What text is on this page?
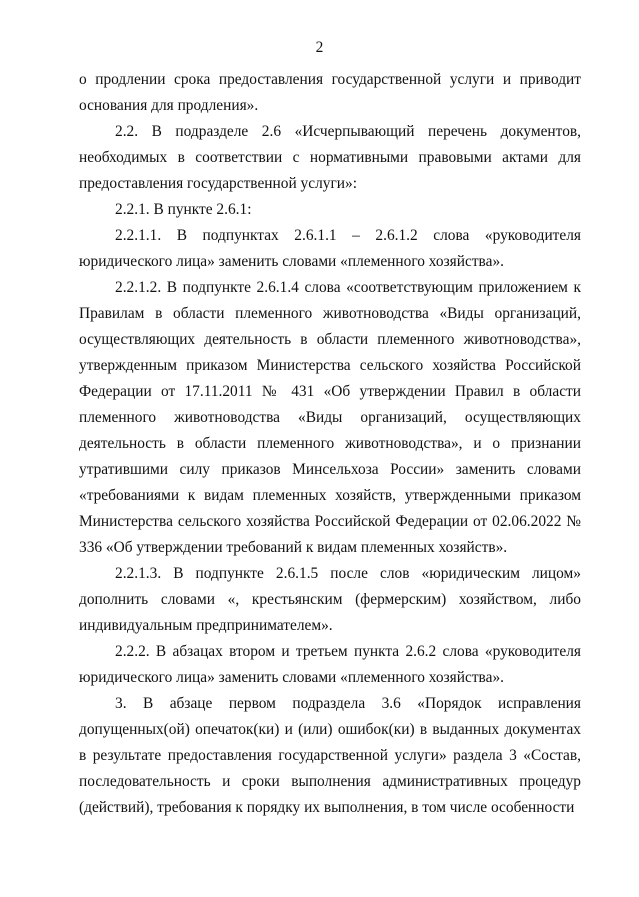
2

о продлении срока предоставления государственной услуги и приводит основания для продления».

2.2. В подразделе 2.6 «Исчерпывающий перечень документов, необходимых в соответствии с нормативными правовыми актами для предоставления государственной услуги»:

2.2.1. В пункте 2.6.1:

2.2.1.1. В подпунктах 2.6.1.1 – 2.6.1.2 слова «руководителя юридического лица» заменить словами «племенного хозяйства».

2.2.1.2. В подпункте 2.6.1.4 слова «соответствующим приложением к Правилам в области племенного животноводства «Виды организаций, осуществляющих деятельность в области племенного животноводства», утвержденным приказом Министерства сельского хозяйства Российской Федерации от 17.11.2011 № 431 «Об утверждении Правил в области племенного животноводства «Виды организаций, осуществляющих деятельность в области племенного животноводства», и о признании утратившими силу приказов Минсельхоза России» заменить словами «требованиями к видам племенных хозяйств, утвержденными приказом Министерства сельского хозяйства Российской Федерации от 02.06.2022 № 336 «Об утверждении требований к видам племенных хозяйств».

2.2.1.3. В подпункте 2.6.1.5 после слов «юридическим лицом» дополнить словами «, крестьянским (фермерским) хозяйством, либо индивидуальным предпринимателем».

2.2.2. В абзацах втором и третьем пункта 2.6.2 слова «руководителя юридического лица» заменить словами «племенного хозяйства».

3. В абзаце первом подраздела 3.6 «Порядок исправления допущенных(ой) опечаток(ки) и (или) ошибок(ки) в выданных документах в результате предоставления государственной услуги» раздела 3 «Состав, последовательность и сроки выполнения административных процедур (действий), требования к порядку их выполнения, в том числе особенности
